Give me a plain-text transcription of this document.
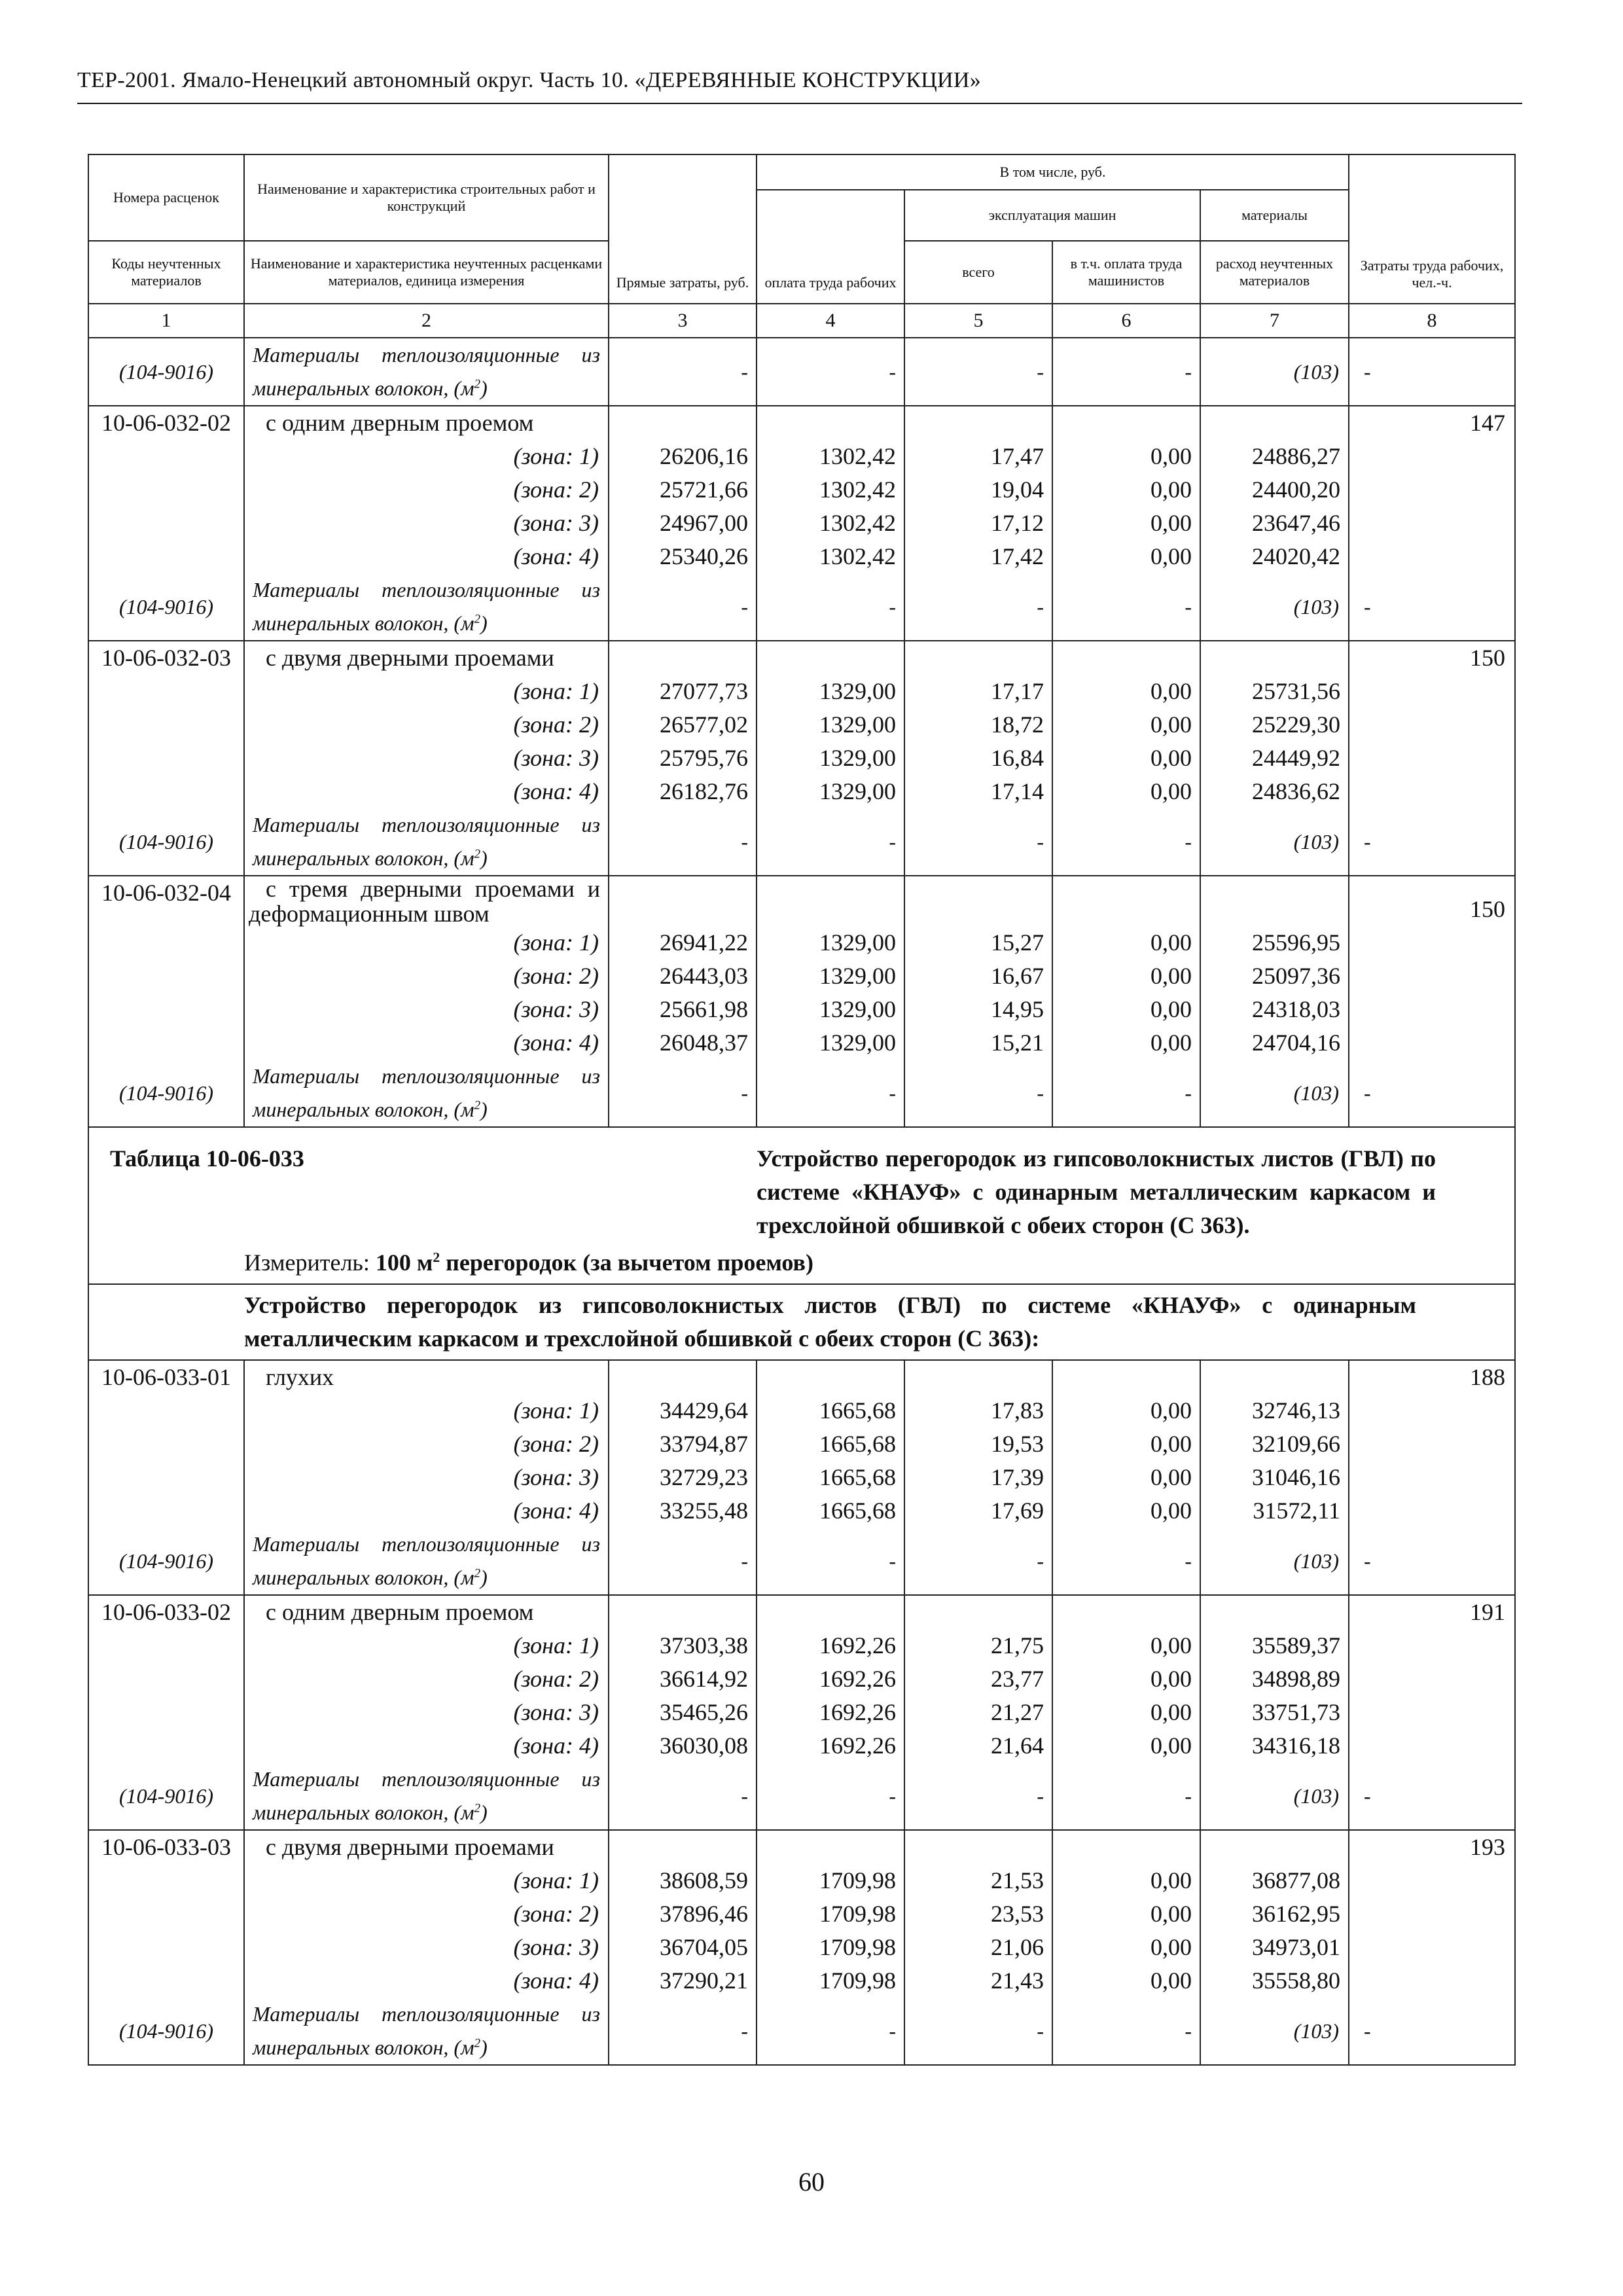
ТЕР-2001. Ямало-Ненецкий автономный округ. Часть 10. «ДЕРЕВЯННЫЕ КОНСТРУКЦИИ»
Номера расценок	Наименование и характеристика строительных работ и конструкций	Прямые затраты, руб.	В том числе, руб.				Затраты труда рабочих, чел.-ч.
			оплата труда рабочих	эксплуатация машин		материалы	
Коды неучтенных материалов	Наименование и характеристика неучтенных расценками материалов, единица измерения			всего	в т.ч. оплата труда машинистов	расход неучтенных материалов	
1	2	3	4	5	6	7	8
(104-9016)	Материалы теплоизоляционные из
минеральных волокон, $(м^2)$	-	-	-	-	(103)	-
10-06-032-02	с одним дверным проемом						147
	(зона: 1)	26206,16	1302,42	17,47	0,00	24886,27	
	(зона: 2)	25721,66	1302,42	19,04	0,00	24400,20	
	(зона: 3)	24967,00	1302,42	17,12	0,00	23647,46	
	(зона: 4)	25340,26	1302,42	17,42	0,00	24020,42	
(104-9016)	Материалы теплоизоляционные из
минеральных волокон, $(м^2)$	-	-	-	-	(103)	-
10-06-032-03	с двумя дверными проемами						150
	(зона: 1)	27077,73	1329,00	17,17	0,00	25731,56	
	(зона: 2)	26577,02	1329,00	18,72	0,00	25229,30	
	(зона: 3)	25795,76	1329,00	16,84	0,00	24449,92	
	(зона: 4)	26182,76	1329,00	17,14	0,00	24836,62	
(104-9016)	Материалы теплоизоляционные из
минеральных волокон, $(м^2)$	-	-	-	-	(103)	-
10-06-032-04	с тремя дверными проемами и
деформационным швом						150
	(зона: 1)	26941,22	1329,00	15,27	0,00	25596,95	
	(зона: 2)	26443,03	1329,00	16,67	0,00	25097,36	
	(зона: 3)	25661,98	1329,00	14,95	0,00	24318,03	
	(зона: 4)	26048,37	1329,00	15,21	0,00	24704,16	
(104-9016)	Материалы теплоизоляционные из
минеральных волокон, $(м^2)$	-	-	-	-	(103)	-
Таблица 10-06-033			Устройство перегородок из гипсоволокнистых листов (ГВЛ) по системе «КНАУФ» с одинарным металлическим каркасом и трехслойной обшивкой с обеих сторон (С 363).				
	Измеритель: 100 $м^2$ перегородок (за вычетом проемов)						
	Устройство перегородок из гипсоволокнистых листов (ГВЛ) по системе «КНАУФ» с одинарным металлическим каркасом и трехслойной обшивкой с обеих сторон (С 363):						
10-06-033-01	глухих						188
	(зона: 1)	34429,64	1665,68	17,83	0,00	32746,13	
	(зона: 2)	33794,87	1665,68	19,53	0,00	32109,66	
	(зона: 3)	32729,23	1665,68	17,39	0,00	31046,16	
	(зона: 4)	33255,48	1665,68	17,69	0,00	31572,11	
(104-9016)	Материалы теплоизоляционные из
минеральных волокон, $(м^2)$	-	-	-	-	(103)	-
10-06-033-02	с одним дверным проемом						191
	(зона: 1)	37303,38	1692,26	21,75	0,00	35589,37	
	(зона: 2)	36614,92	1692,26	23,77	0,00	34898,89	
	(зона: 3)	35465,26	1692,26	21,27	0,00	33751,73	
	(зона: 4)	36030,08	1692,26	21,64	0,00	34316,18	
(104-9016)	Материалы теплоизоляционные из
минеральных волокон, $(м^2)$	-	-	-	-	(103)	-
10-06-033-03	с двумя дверными проемами						193
	(зона: 1)	38608,59	1709,98	21,53	0,00	36877,08	
	(зона: 2)	37896,46	1709,98	23,53	0,00	36162,95	
	(зона: 3)	36704,05	1709,98	21,06	0,00	34973,01	
	(зона: 4)	37290,21	1709,98	21,43	0,00	35558,80	
(104-9016)	Материалы теплоизоляционные из
минеральных волокон, $(м^2)$	-	-	-	-	(103)	-
60
